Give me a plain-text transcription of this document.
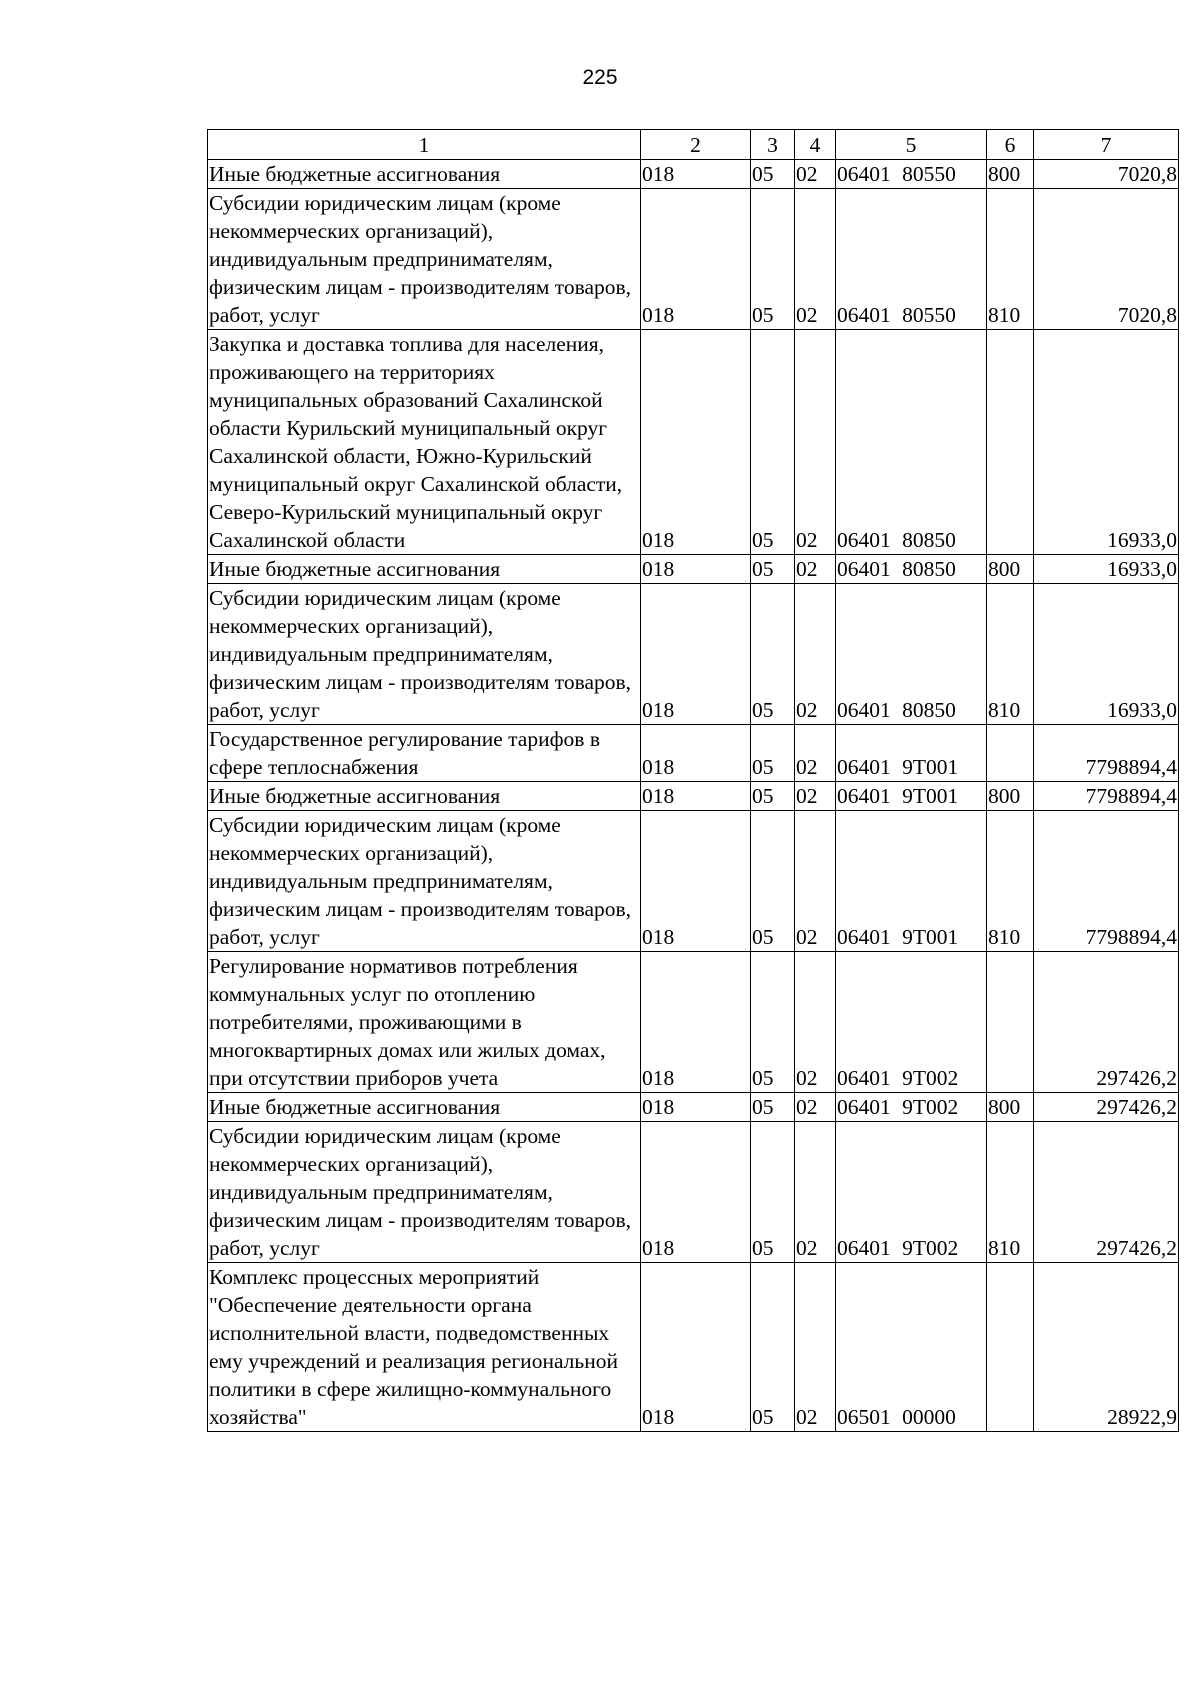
225
1	2	3	4	5	6	7
Иные бюджетные ассигнования	018	05	02	06401 80550	800	7020,8
Субсидии юридическим лицам (кроме некоммерческих организаций), индивидуальным предпринимателям, физическим лицам - производителям товаров, работ, услуг	018	05	02	06401 80550	810	7020,8
Закупка и доставка топлива для населения, проживающего на территориях муниципальных образований Сахалинской области Курильский муниципальный округ Сахалинской области, Южно-Курильский муниципальный округ Сахалинской области, Северо-Курильский муниципальный округ Сахалинской области	018	05	02	06401 80850		16933,0
Иные бюджетные ассигнования	018	05	02	06401 80850	800	16933,0
Субсидии юридическим лицам (кроме некоммерческих организаций), индивидуальным предпринимателям, физическим лицам - производителям товаров, работ, услуг	018	05	02	06401 80850	810	16933,0
Государственное регулирование тарифов в сфере теплоснабжения	018	05	02	06401 9Т001		7798894,4
Иные бюджетные ассигнования	018	05	02	06401 9Т001	800	7798894,4
Субсидии юридическим лицам (кроме некоммерческих организаций), индивидуальным предпринимателям, физическим лицам - производителям товаров, работ, услуг	018	05	02	06401 9Т001	810	7798894,4
Регулирование нормативов потребления коммунальных услуг по отоплению потребителями, проживающими в многоквартирных домах или жилых домах, при отсутствии приборов учета	018	05	02	06401 9Т002		297426,2
Иные бюджетные ассигнования	018	05	02	06401 9Т002	800	297426,2
Субсидии юридическим лицам (кроме некоммерческих организаций), индивидуальным предпринимателям, физическим лицам - производителям товаров, работ, услуг	018	05	02	06401 9Т002	810	297426,2
Комплекс процессных мероприятий "Обеспечение деятельности органа исполнительной власти, подведомственных ему учреждений и реализация региональной политики в сфере жилищно-коммунального хозяйства"	018	05	02	06501 00000		28922,9
